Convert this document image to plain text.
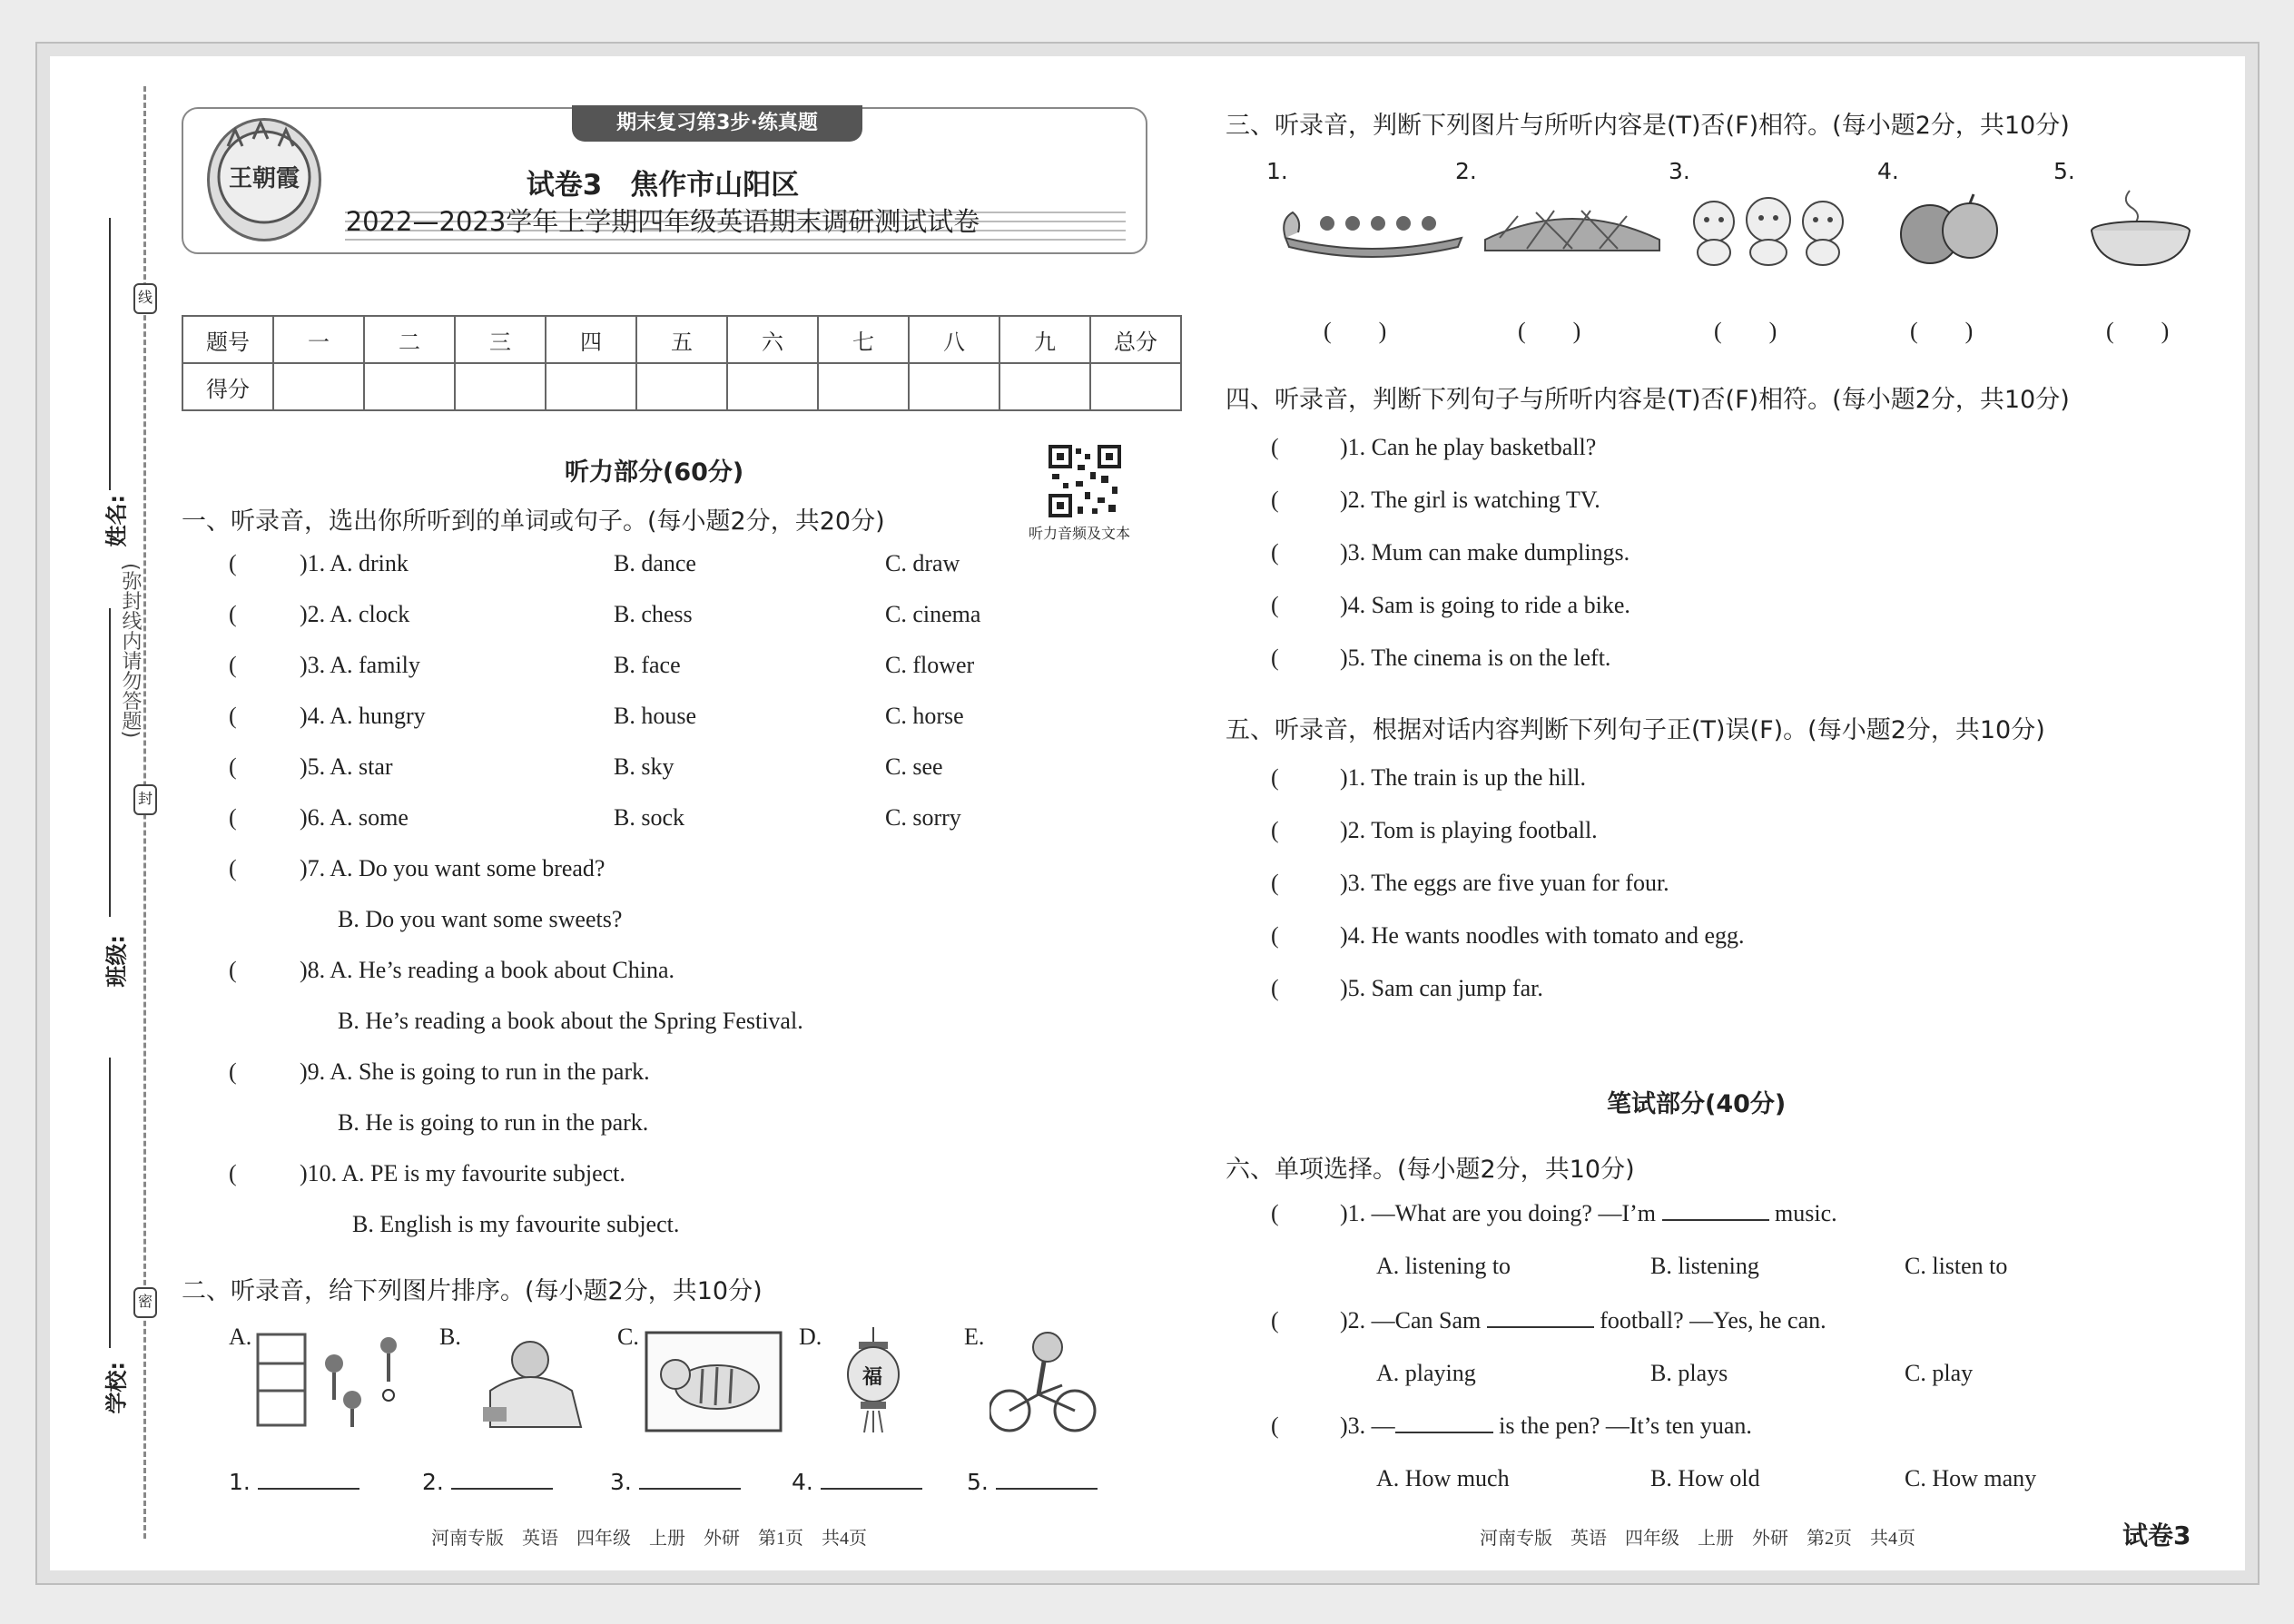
线
封
密
(弥封线内请勿答题)
姓名:
班级:
学校:
期末复习第3步·练真题
王朝霞	试卷3　焦作市山阳区
2022—2023学年上学期四年级英语期末调研测试试卷
题号	一	二	三	四	五	六	七	八	九	总分
得分										
听力部分(60分)
听力音频及文本
一、听录音，选出你所听到的单词或句子。(每小题2分，共20分)
(	)1. A. drink	B. dance	C. draw
(	)2. A. clock	B. chess	C. cinema
(	)3. A. family	B. face	C. flower
(	)4. A. hungry	B. house	C. horse
(	)5. A. star	B. sky	C. see
(	)6. A. some	B. sock	C. sorry
(	)7. A. Do you want some bread?
B. Do you want some sweets?
(	)8. A. He’s reading a book about China.
B. He’s reading a book about the Spring Festival.
(	)9. A. She is going to run in the park.
B. He is going to run in the park.
(	)10. A. PE is my favourite subject.
B. English is my favourite subject.
二、听录音，给下列图片排序。(每小题2分，共10分)
A.	B.	C.	D.	E.
福
1.	2.	3.	4.	5.
河南专版　英语　四年级　上册　外研　第1页　共4页
三、听录音，判断下列图片与所听内容是(T)否(F)相符。(每小题2分，共10分)
1.	2.	3.	4.	5.
(　　)	(　　)	(　　)	(　　)	(　　)
四、听录音，判断下列句子与所听内容是(T)否(F)相符。(每小题2分，共10分)
(	)1. Can he play basketball?
(	)2. The girl is watching TV.
(	)3. Mum can make dumplings.
(	)4. Sam is going to ride a bike.
(	)5. The cinema is on the left.
五、听录音，根据对话内容判断下列句子正(T)误(F)。(每小题2分，共10分)
(	)1. The train is up the hill.
(	)2. Tom is playing football.
(	)3. The eggs are five yuan for four.
(	)4. He wants noodles with tomato and egg.
(	)5. Sam can jump far.
笔试部分(40分)
六、单项选择。(每小题2分，共10分)
(	)1. —What are you doing? —I’m	music.
A. listening to	B. listening	C. listen to
(	)2. —Can Sam	football? —Yes, he can.
A. playing	B. plays	C. play
(	)3. —	is the pen? —It’s ten yuan.
A. How much	B. How old	C. How many
河南专版　英语　四年级　上册　外研　第2页　共4页	试卷3
